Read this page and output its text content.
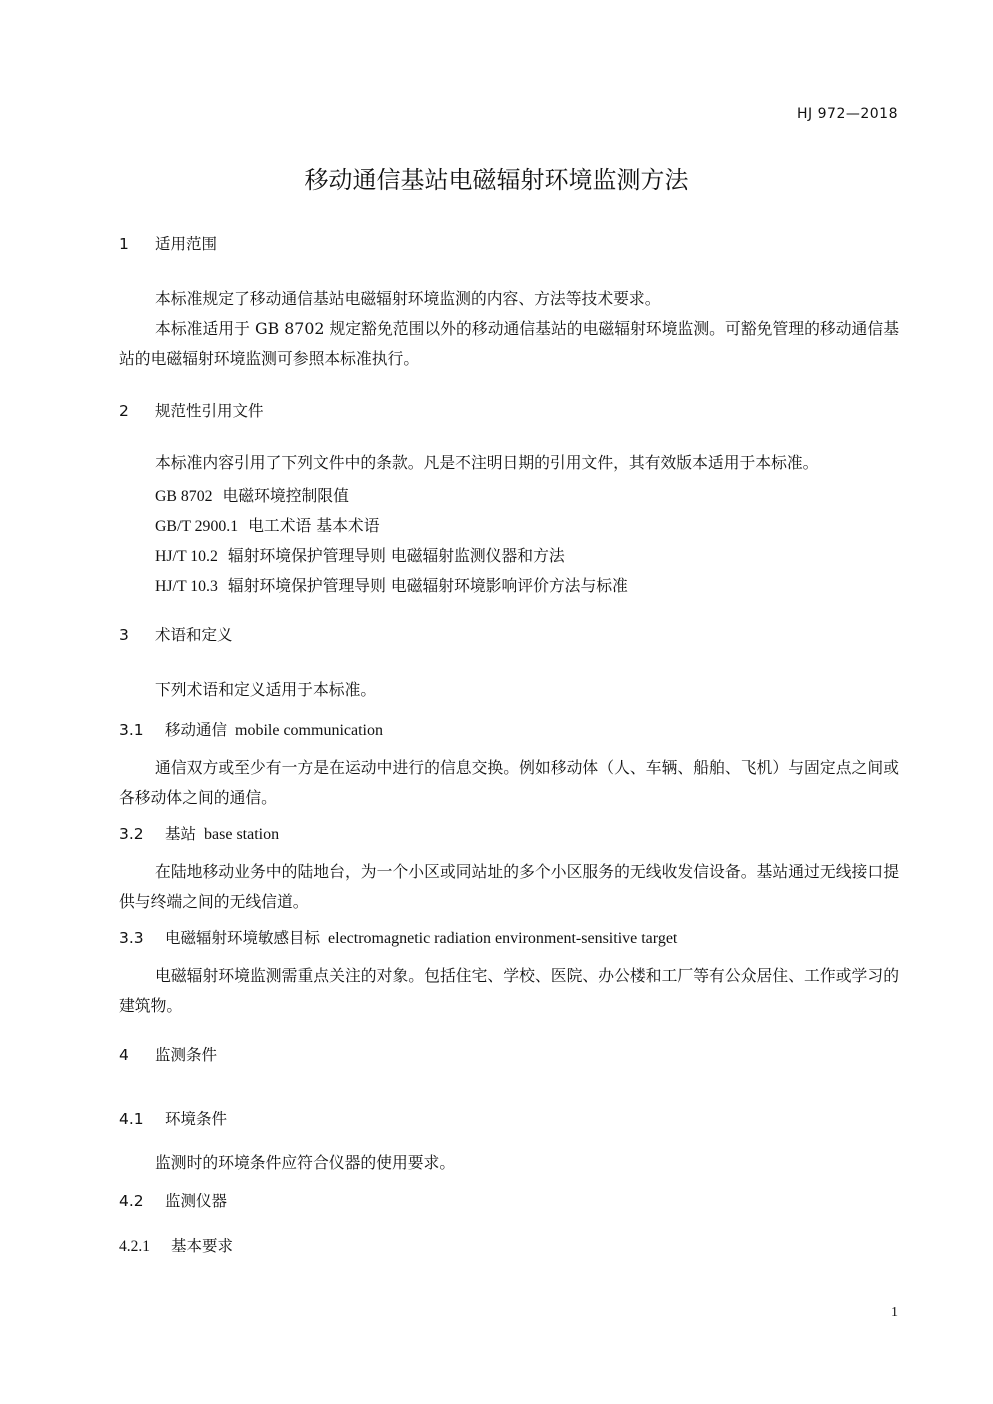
HJ 972—2018
移动通信基站电磁辐射环境监测方法
1 适用范围
本标准规定了移动通信基站电磁辐射环境监测的内容、方法等技术要求。
本标准适用于 GB 8702 规定豁免范围以外的移动通信基站的电磁辐射环境监测。可豁免管理的移动通信基站的电磁辐射环境监测可参照本标准执行。
2 规范性引用文件
本标准内容引用了下列文件中的条款。凡是不注明日期的引用文件，其有效版本适用于本标准。
GB 8702 电磁环境控制限值
GB/T 2900.1 电工术语 基本术语
HJ/T 10.2 辐射环境保护管理导则 电磁辐射监测仪器和方法
HJ/T 10.3 辐射环境保护管理导则 电磁辐射环境影响评价方法与标准
3 术语和定义
下列术语和定义适用于本标准。
3.1 移动通信 mobile communication
通信双方或至少有一方是在运动中进行的信息交换。例如移动体（人、车辆、船舶、飞机）与固定点之间或各移动体之间的通信。
3.2 基站 base station
在陆地移动业务中的陆地台，为一个小区或同站址的多个小区服务的无线收发信设备。基站通过无线接口提供与终端之间的无线信道。
3.3 电磁辐射环境敏感目标 electromagnetic radiation environment-sensitive target
电磁辐射环境监测需重点关注的对象。包括住宅、学校、医院、办公楼和工厂等有公众居住、工作或学习的建筑物。
4 监测条件
4.1 环境条件
监测时的环境条件应符合仪器的使用要求。
4.2 监测仪器
4.2.1 基本要求
1
